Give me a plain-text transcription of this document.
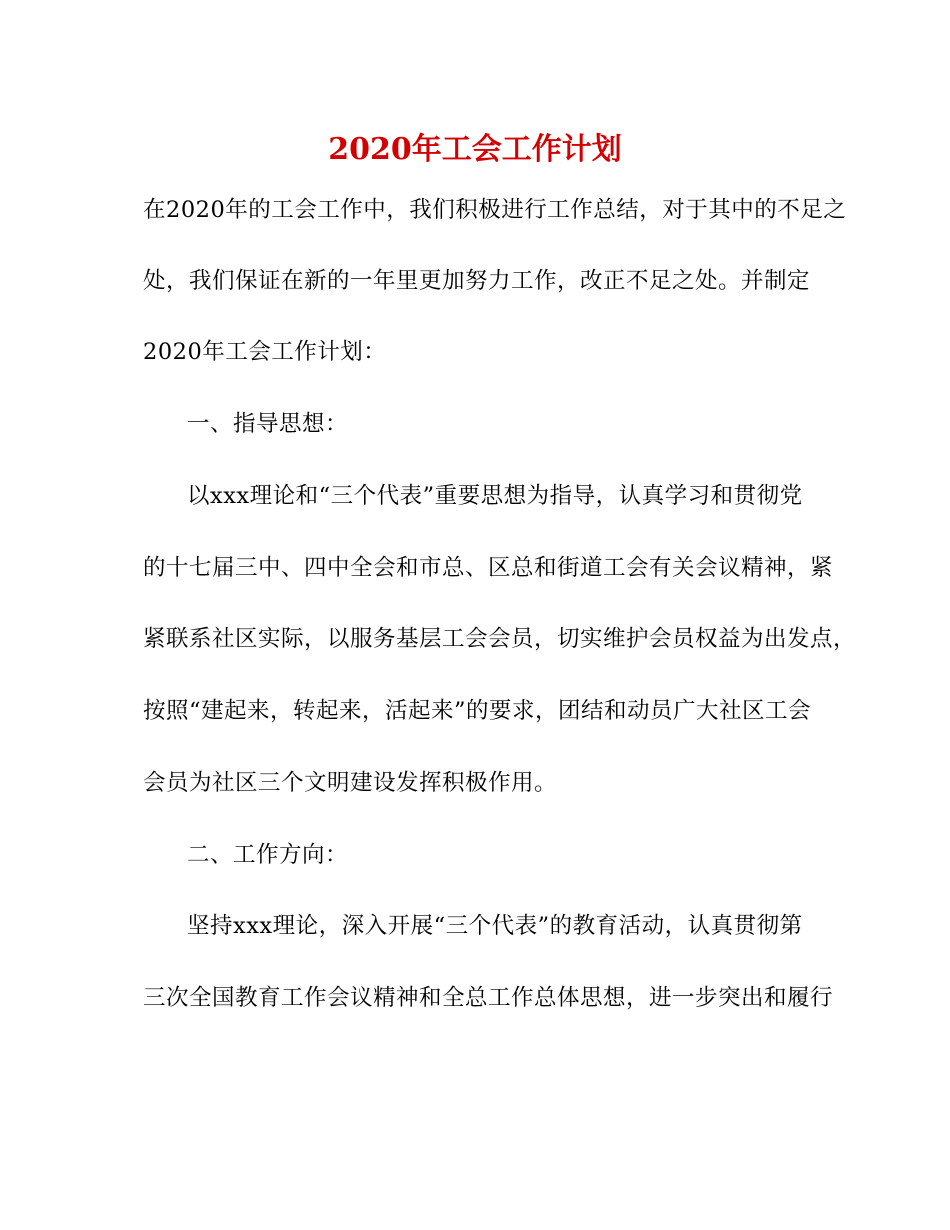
2020年工会工作计划
在2020年的工会工作中，我们积极进行工作总结，对于其中的不足之
处，我们保证在新的一年里更加努力工作，改正不足之处。并制定
2020年工会工作计划：
一、指导思想：
以xxx理论和“三个代表”重要思想为指导，认真学习和贯彻党
的十七届三中、四中全会和市总、区总和街道工会有关会议精神，紧
紧联系社区实际，以服务基层工会会员，切实维护会员权益为出发点，
按照“建起来，转起来，活起来”的要求，团结和动员广大社区工会
会员为社区三个文明建设发挥积极作用。
二、工作方向：
坚持xxx理论，深入开展“三个代表”的教育活动，认真贯彻第
三次全国教育工作会议精神和全总工作总体思想，进一步突出和履行
